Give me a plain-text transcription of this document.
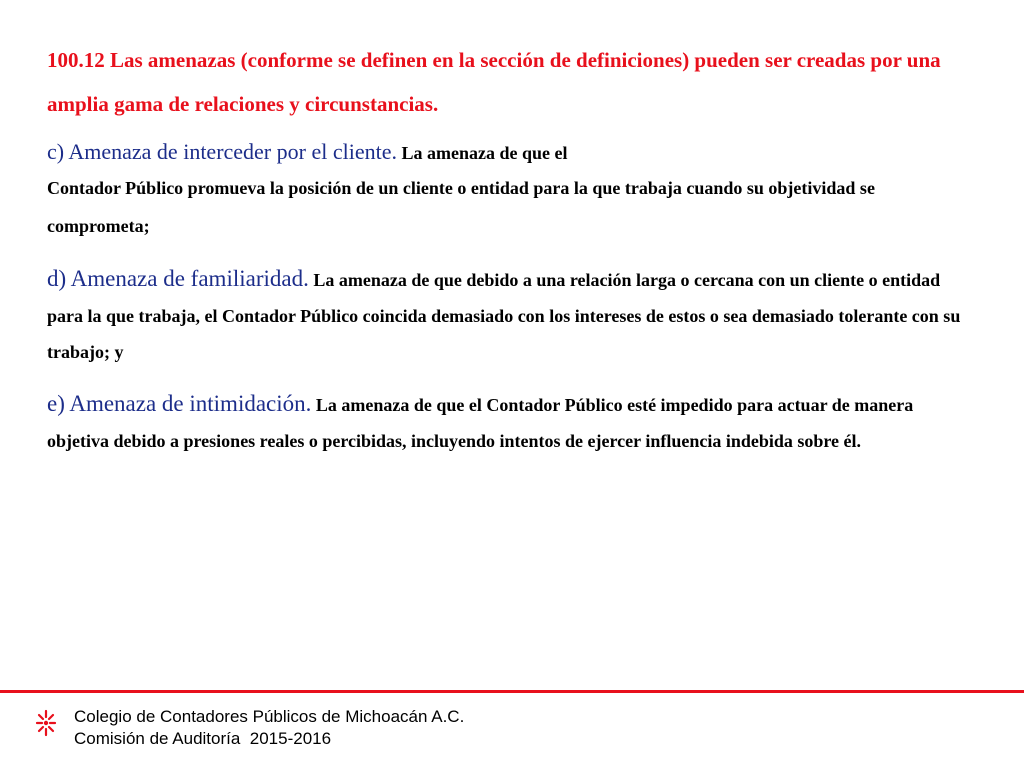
100.12 Las amenazas (conforme se definen en la sección de definiciones) pueden ser creadas por una amplia gama de relaciones y circunstancias.

c) Amenaza de interceder por el cliente. La amenaza de que el
Contador Público promueva la posición de un cliente o entidad para la que trabaja cuando su objetividad se comprometa;

d) Amenaza de familiaridad. La amenaza de que debido a una relación larga o cercana con un cliente o entidad para la que trabaja, el Contador Público coincida demasiado con los intereses de estos o sea demasiado tolerante con su trabajo; y

e) Amenaza de intimidación. La amenaza de que el Contador Público esté impedido para actuar de manera objetiva debido a presiones reales o percibidas, incluyendo intentos de ejercer influencia indebida sobre él.

Colegio de Contadores Públicos de Michoacán A.C.
Comisión de Auditoría  2015-2016
